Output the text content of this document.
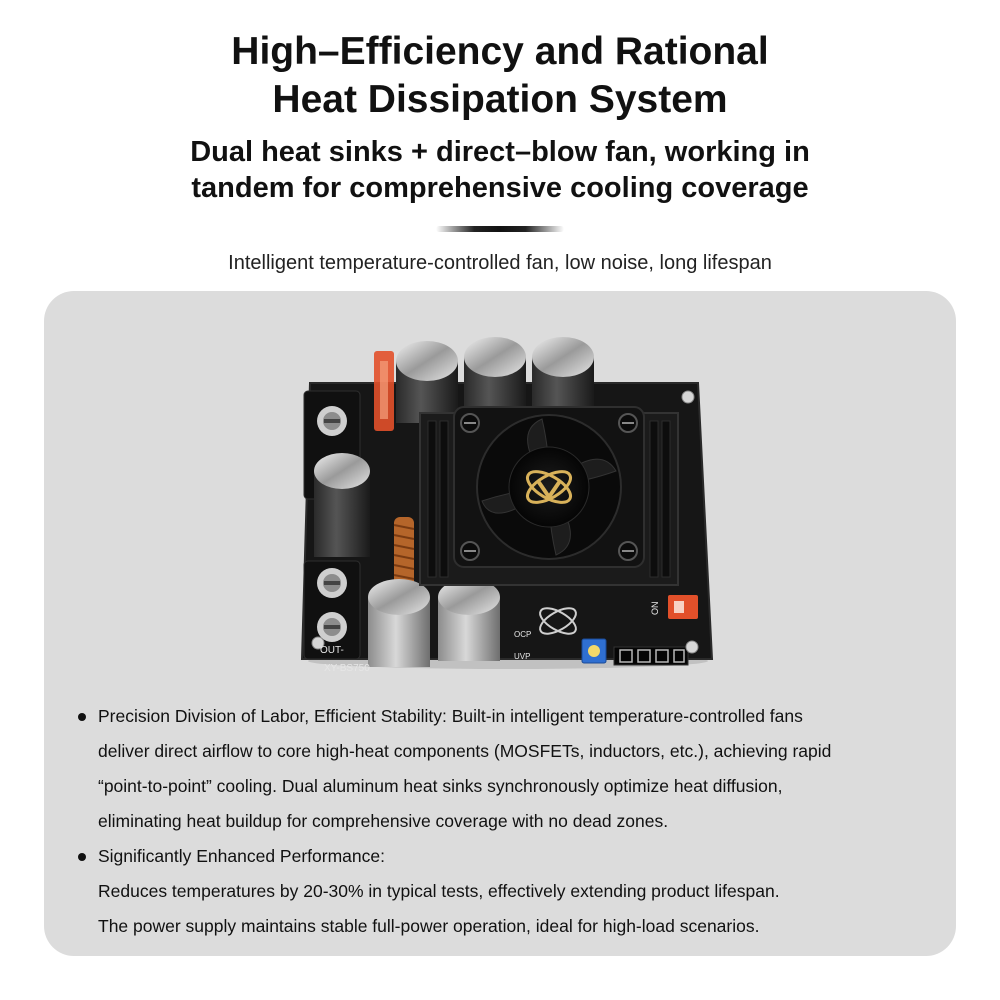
High–Efficiency and Rational
Heat Dissipation System
Dual heat sinks + direct–blow fan, working in
tandem for comprehensive cooling coverage
Intelligent temperature-controlled fan, low noise, long lifespan
ON
OUT-
XY-BS750
OCP
UVP

Precision Division of Labor, Efficient Stability: Built-in intelligent temperature-controlled fans

deliver direct airflow to core high-heat components (MOSFETs, inductors, etc.), achieving rapid

“point-to-point” cooling. Dual aluminum heat sinks synchronously optimize heat diffusion,

eliminating heat buildup for comprehensive coverage with no dead zones.

Significantly Enhanced Performance:

Reduces temperatures by 20-30% in typical tests, effectively extending product lifespan.

The power supply maintains stable full-power operation, ideal for high-load scenarios.
